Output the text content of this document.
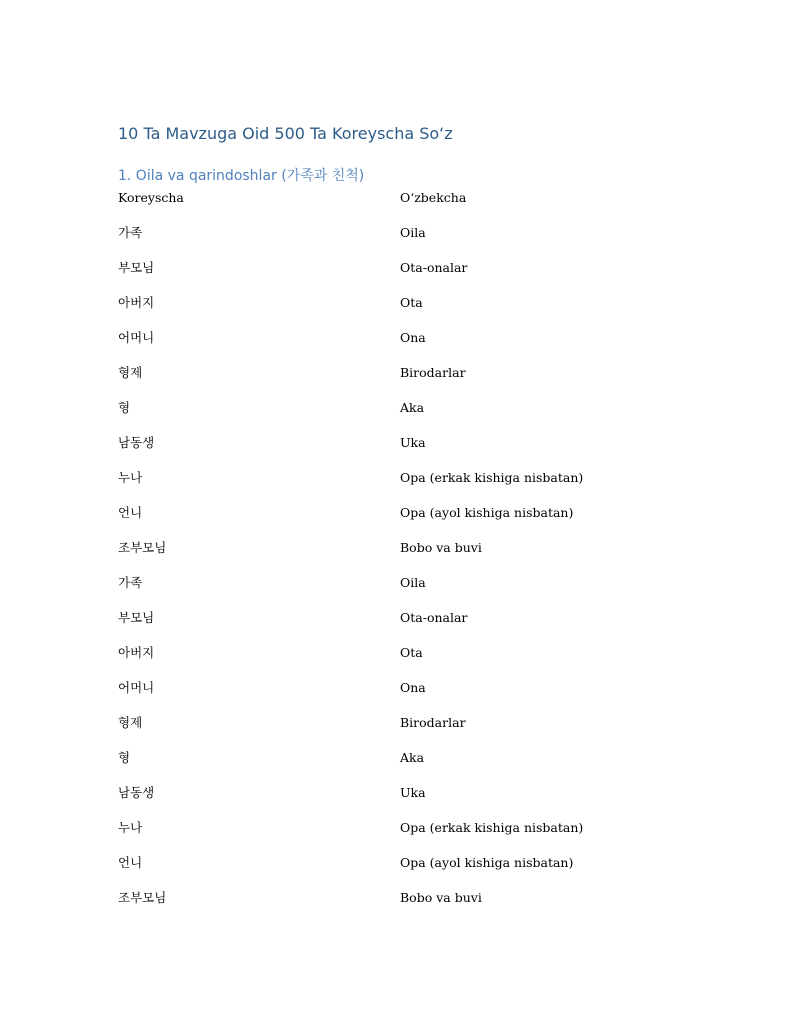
10 Ta Mavzuga Oid 500 Ta Koreyscha So‘z
1. Oila va qarindoshlar (가족과 친척)
Koreyscha	O‘zbekcha
가족	Oila
부모님	Ota-onalar
아버지	Ota
어머니	Ona
형제	Birodarlar
형	Aka
남동생	Uka
누나	Opa (erkak kishiga nisbatan)
언니	Opa (ayol kishiga nisbatan)
조부모님	Bobo va buvi
가족	Oila
부모님	Ota-onalar
아버지	Ota
어머니	Ona
형제	Birodarlar
형	Aka
남동생	Uka
누나	Opa (erkak kishiga nisbatan)
언니	Opa (ayol kishiga nisbatan)
조부모님	Bobo va buvi
